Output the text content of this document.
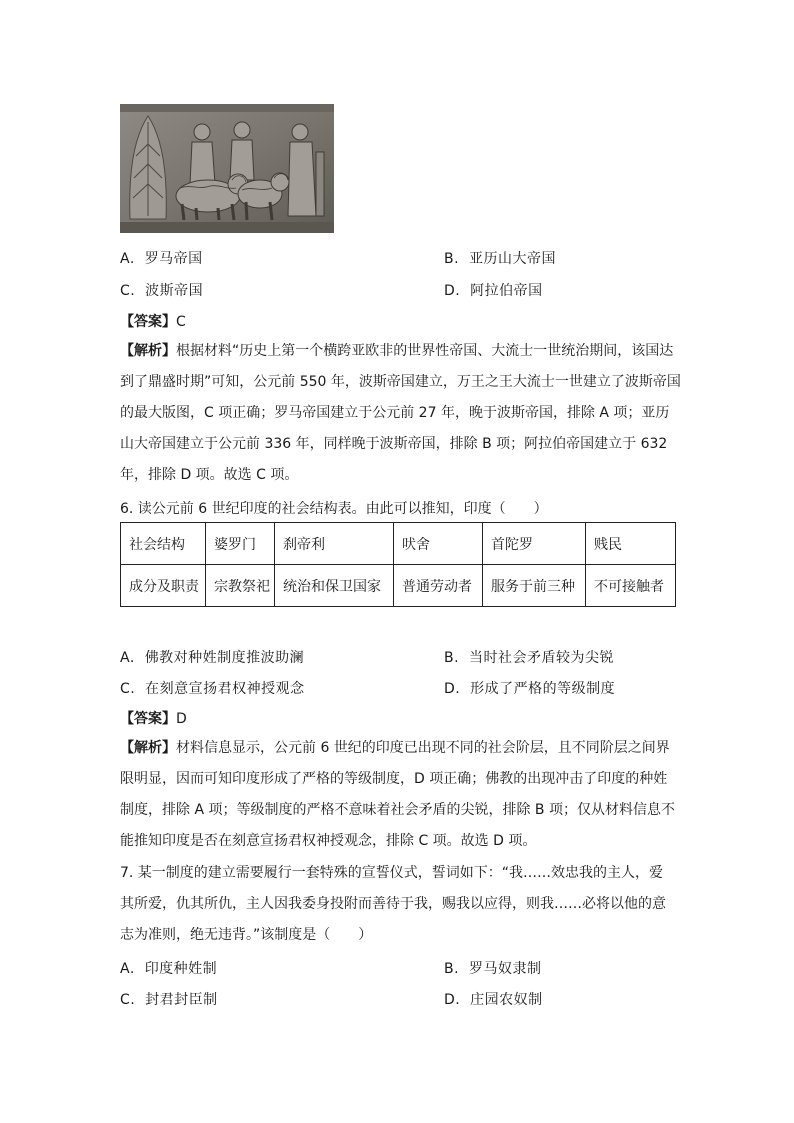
A. 罗马帝国	B. 亚历山大帝国
C. 波斯帝国	D. 阿拉伯帝国
【答案】C
【解析】根据材料“历史上第一个横跨亚欧非的世界性帝国、大流士一世统治期间，该国达
到了鼎盛时期”可知，公元前 550 年，波斯帝国建立，万王之王大流士一世建立了波斯帝国
的最大版图，C 项正确；罗马帝国建立于公元前 27 年，晚于波斯帝国，排除 A 项；亚历
山大帝国建立于公元前 336 年，同样晚于波斯帝国，排除 B 项；阿拉伯帝国建立于 632
年，排除 D 项。故选 C 项。
6. 读公元前 6 世纪印度的社会结构表。由此可以推知，印度（　　）
社会结构	婆罗门	刹帝利	吠舍	首陀罗	贱民
成分及职责	宗教祭祀	统治和保卫国家	普通劳动者	服务于前三种	不可接触者
A. 佛教对种姓制度推波助澜	B. 当时社会矛盾较为尖锐
C. 在刻意宣扬君权神授观念	D. 形成了严格的等级制度
【答案】D
【解析】材料信息显示，公元前 6 世纪的印度已出现不同的社会阶层，且不同阶层之间界
限明显，因而可知印度形成了严格的等级制度，D 项正确；佛教的出现冲击了印度的种姓
制度，排除 A 项；等级制度的严格不意味着社会矛盾的尖锐，排除 B 项；仅从材料信息不
能推知印度是否在刻意宣扬君权神授观念，排除 C 项。故选 D 项。
7. 某一制度的建立需要履行一套特殊的宣誓仪式，誓词如下：“我……效忠我的主人，爱
其所爱，仇其所仇，主人因我委身投附而善待于我，赐我以应得，则我……必将以他的意
志为准则，绝无违背。”该制度是（　　）
A. 印度种姓制	B. 罗马奴隶制
C. 封君封臣制	D. 庄园农奴制
